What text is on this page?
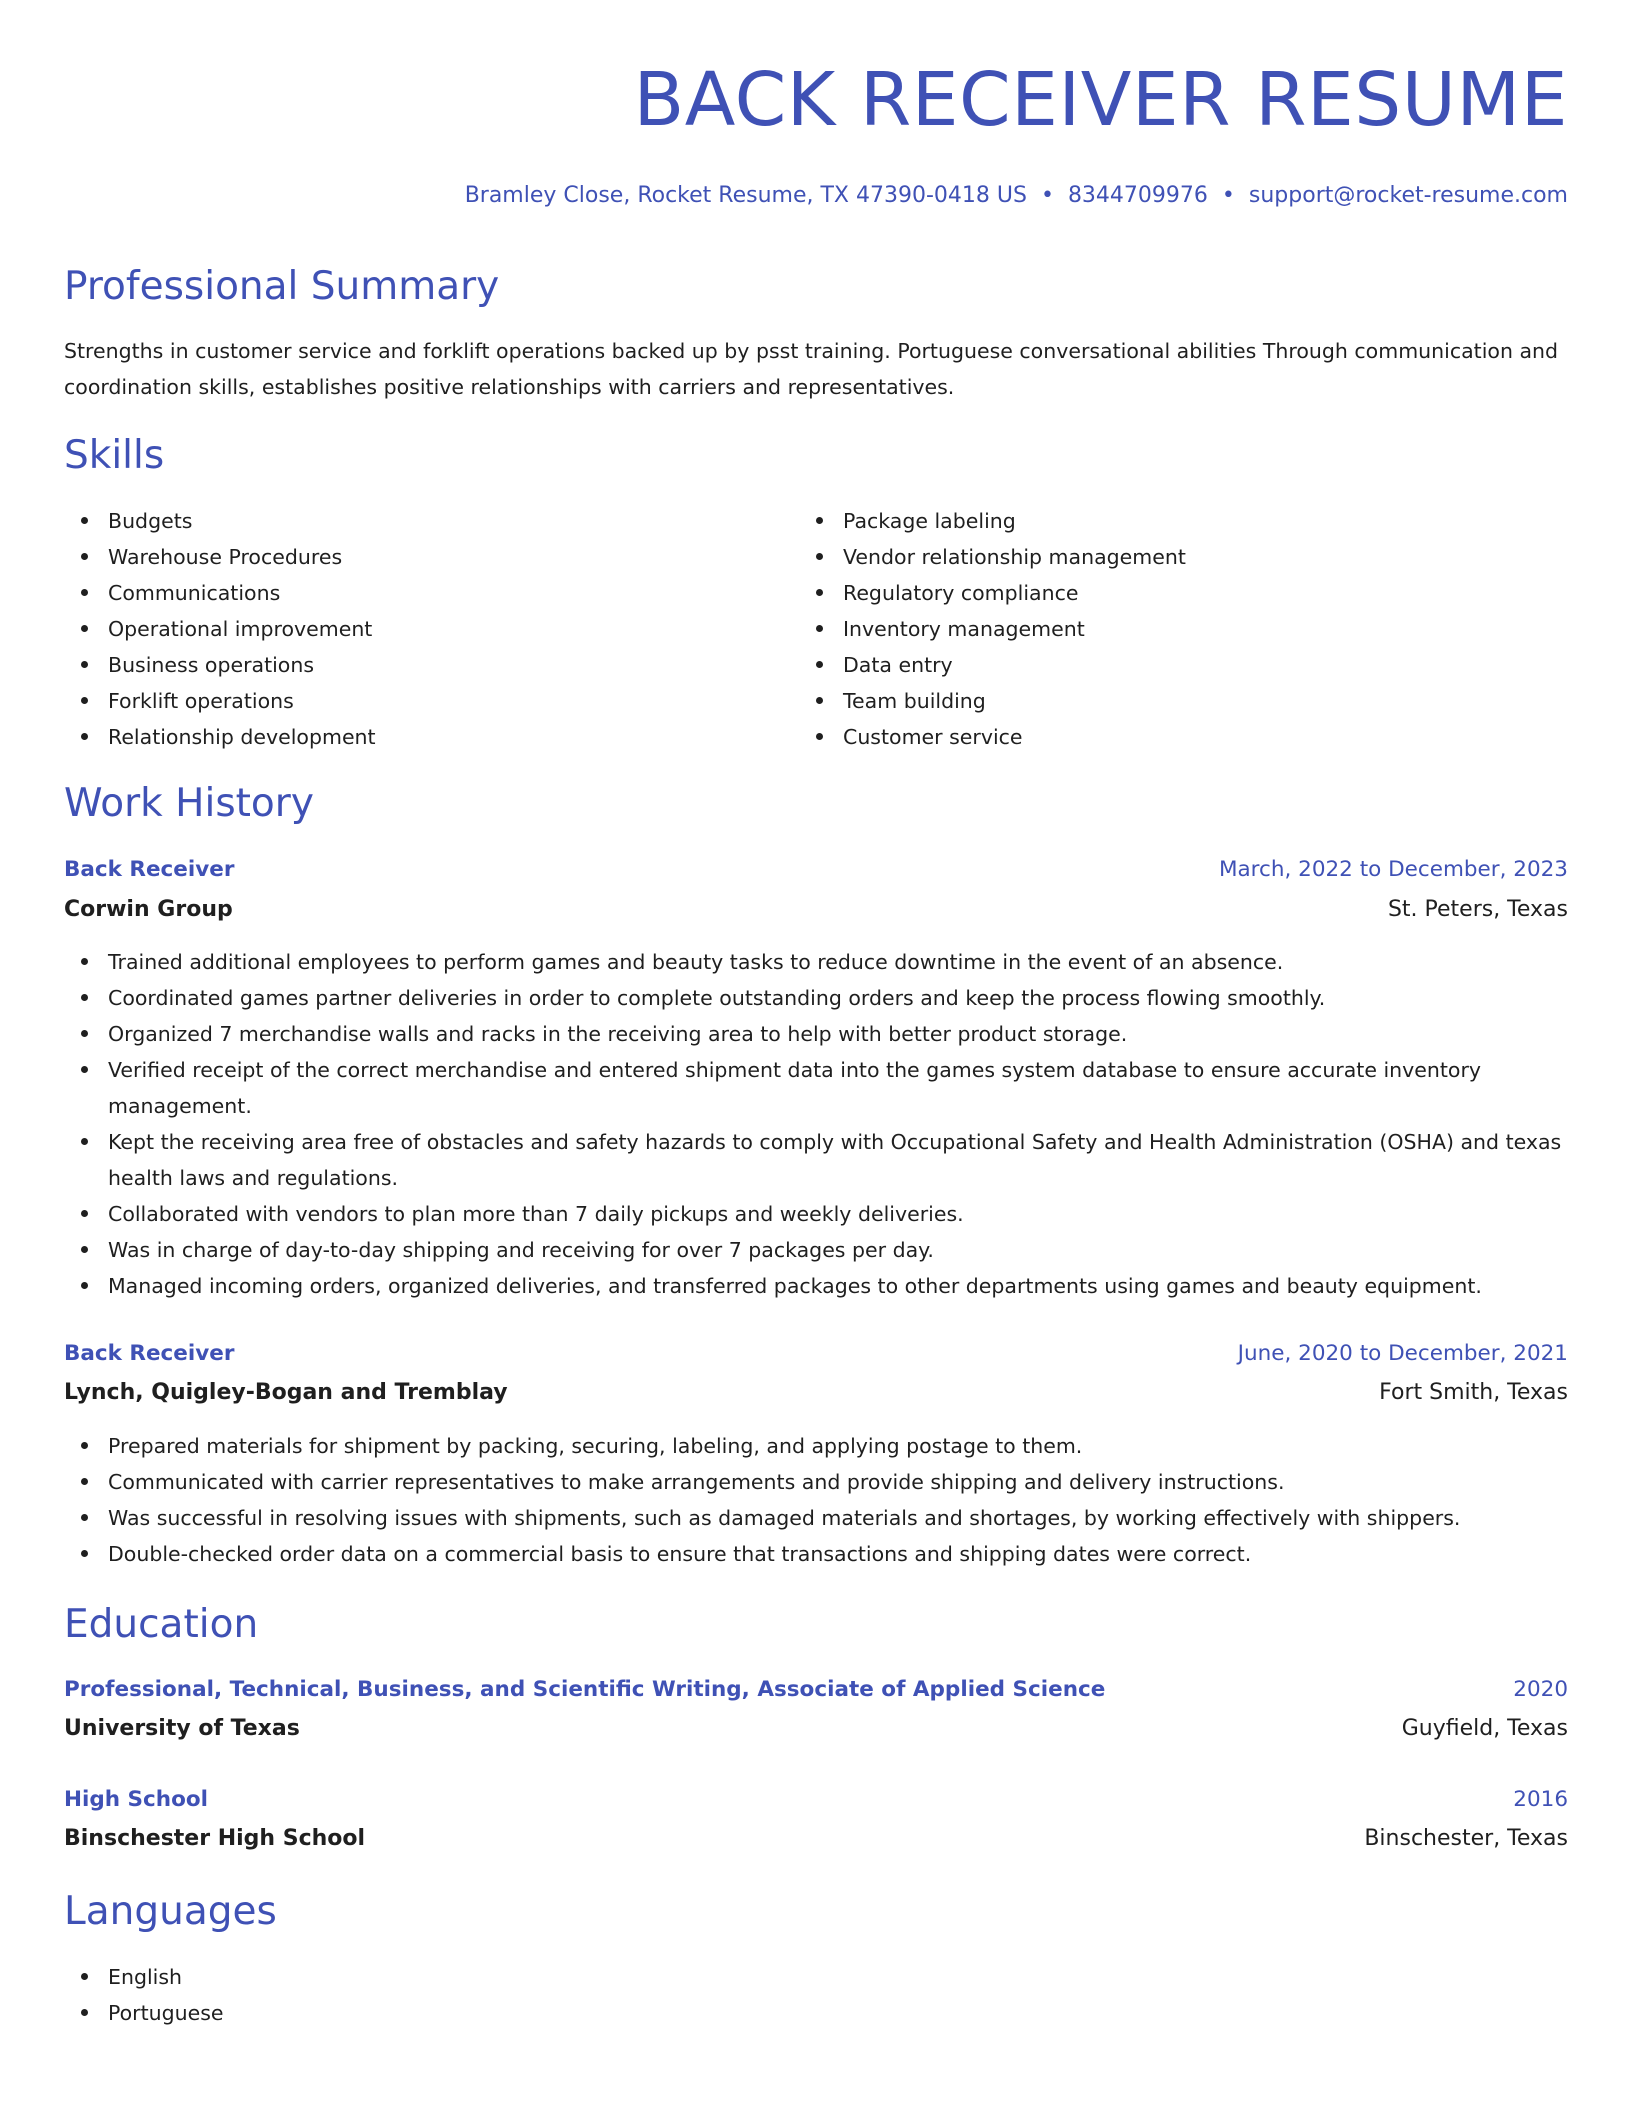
BACK RECEIVER RESUME
Bramley Close, Rocket Resume, TX 47390-0418 US • 8344709976 • support@rocket-resume.com
Professional Summary

Strengths in customer service and forklift operations backed up by psst training. Portuguese conversational abilities Through communication and coordination skills, establishes positive relationships with carriers and representatives.

Skills
Budgets
Warehouse Procedures
Communications
Operational improvement
Business operations
Forklift operations
Relationship development
Package labeling
Vendor relationship management
Regulatory compliance
Inventory management
Data entry
Team building
Customer service
Work History
Back Receiver	March, 2022 to December, 2023
Corwin Group	St. Peters, Texas
Trained additional employees to perform games and beauty tasks to reduce downtime in the event of an absence.
Coordinated games partner deliveries in order to complete outstanding orders and keep the process flowing smoothly.
Organized 7 merchandise walls and racks in the receiving area to help with better product storage.
Verified receipt of the correct merchandise and entered shipment data into the games system database to ensure accurate inventory management.
Kept the receiving area free of obstacles and safety hazards to comply with Occupational Safety and Health Administration (OSHA) and texas health laws and regulations.
Collaborated with vendors to plan more than 7 daily pickups and weekly deliveries.
Was in charge of day-to-day shipping and receiving for over 7 packages per day.
Managed incoming orders, organized deliveries, and transferred packages to other departments using games and beauty equipment.
Back Receiver	June, 2020 to December, 2021
Lynch, Quigley-Bogan and Tremblay	Fort Smith, Texas
Prepared materials for shipment by packing, securing, labeling, and applying postage to them.
Communicated with carrier representatives to make arrangements and provide shipping and delivery instructions.
Was successful in resolving issues with shipments, such as damaged materials and shortages, by working effectively with shippers.
Double-checked order data on a commercial basis to ensure that transactions and shipping dates were correct.
Education
Professional, Technical, Business, and Scientific Writing, Associate of Applied Science	2020
University of Texas	Guyfield, Texas
High School	2016
Binschester High School	Binschester, Texas
Languages
English
Portuguese
